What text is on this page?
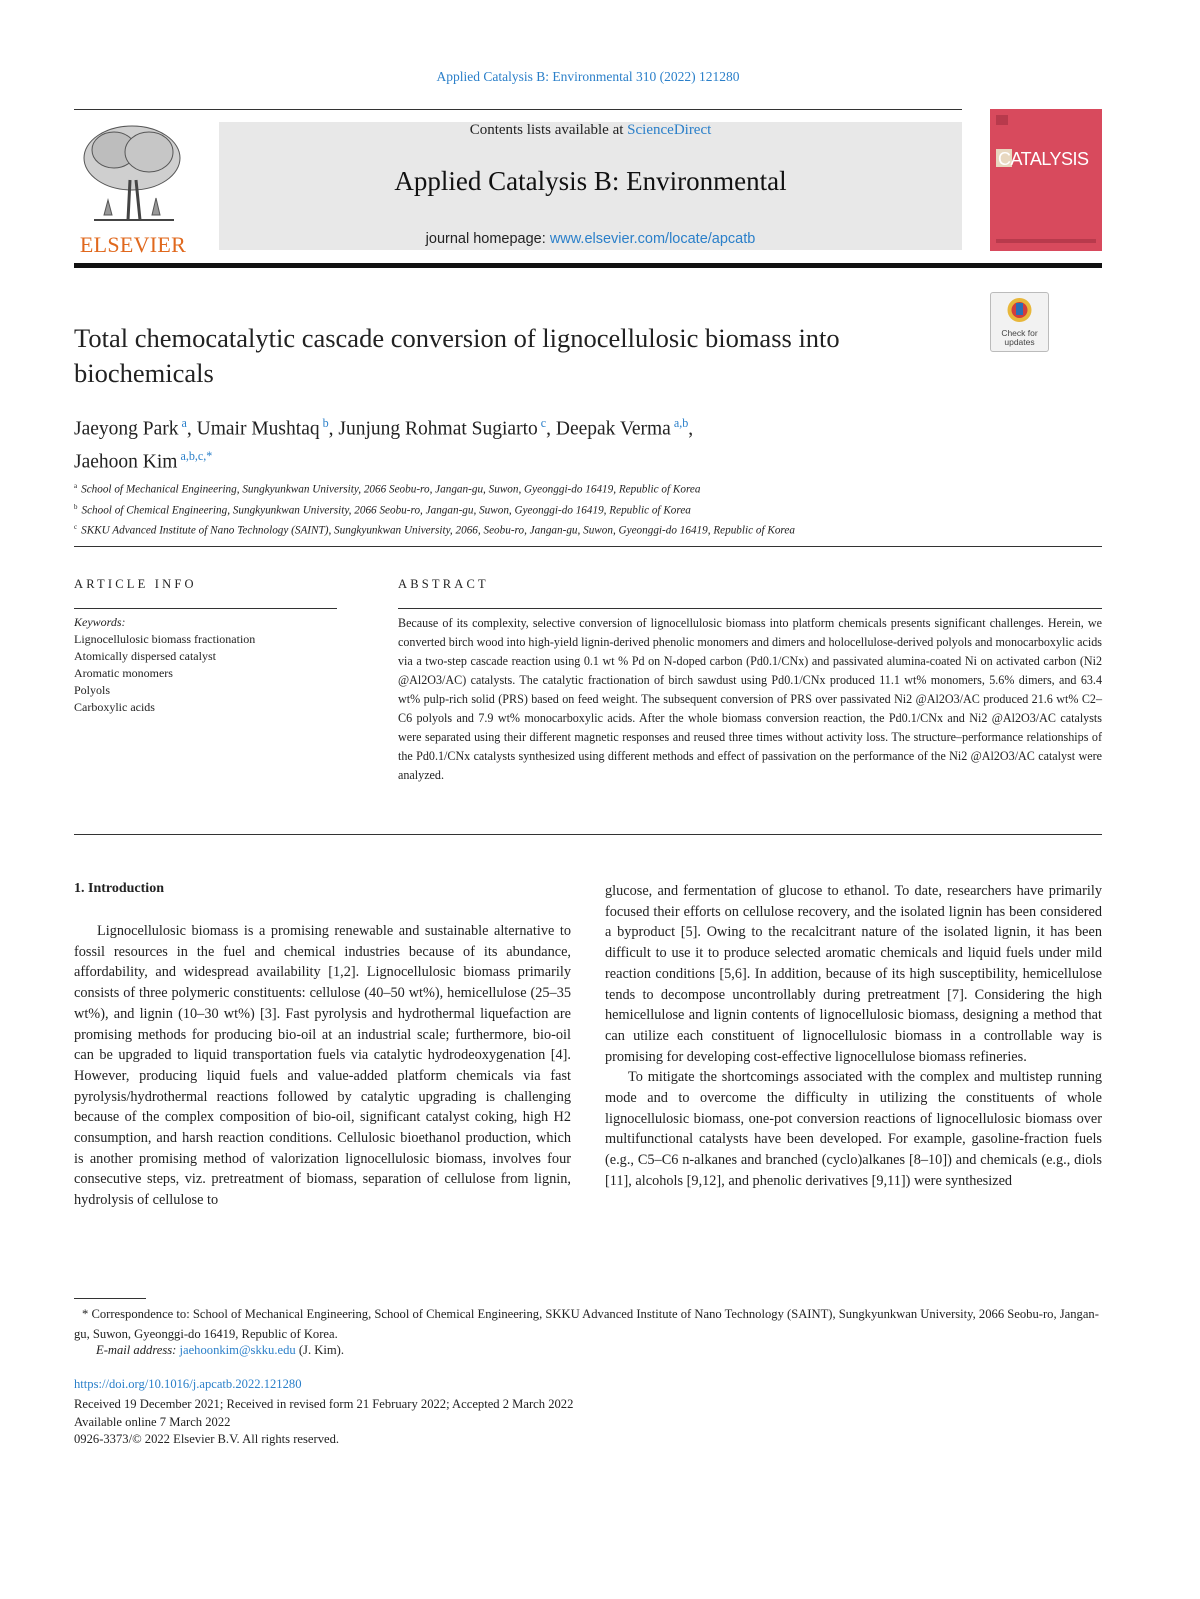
Applied Catalysis B: Environmental 310 (2022) 121280
ELSEVIER
Contents lists available at ScienceDirect
Applied Catalysis B: Environmental
journal homepage: www.elsevier.com/locate/apcatb
CATALYSIS
Check for
updates
Total chemocatalytic cascade conversion of lignocellulosic biomass into biochemicals
Jaeyong Park $^a$, Umair Mushtaq $^b$, Junjung Rohmat Sugiarto $^c$, Deepak Verma $^{a,b}$,
Jaehoon Kim $^{a,b,c,*}$
$^a$ School of Mechanical Engineering, Sungkyunkwan University, 2066 Seobu-ro, Jangan-gu, Suwon, Gyeonggi-do 16419, Republic of Korea
$^b$ School of Chemical Engineering, Sungkyunkwan University, 2066 Seobu-ro, Jangan-gu, Suwon, Gyeonggi-do 16419, Republic of Korea
$^c$ SKKU Advanced Institute of Nano Technology (SAINT), Sungkyunkwan University, 2066, Seobu-ro, Jangan-gu, Suwon, Gyeonggi-do 16419, Republic of Korea
ARTICLE INFO	ABSTRACT
Keywords:
Lignocellulosic biomass fractionation
Atomically dispersed catalyst
Aromatic monomers
Polyols
Carboxylic acids
Because of its complexity, selective conversion of lignocellulosic biomass into platform chemicals presents significant challenges. Herein, we converted birch wood into high-yield lignin-derived phenolic monomers and dimers and holocellulose-derived polyols and monocarboxylic acids via a two-step cascade reaction using 0.1 wt % Pd on N-doped carbon (Pd0.1/CNx) and passivated alumina-coated Ni on activated carbon (Ni2 @Al2O3/AC) catalysts. The catalytic fractionation of birch sawdust using Pd0.1/CNx produced 11.1 wt% monomers, 5.6% dimers, and 63.4 wt% pulp-rich solid (PRS) based on feed weight. The subsequent conversion of PRS over passivated Ni2 @Al2O3/AC produced 21.6 wt% C2–C6 polyols and 7.9 wt% monocarboxylic acids. After the whole biomass conversion reaction, the Pd0.1/CNx and Ni2 @Al2O3/AC catalysts were separated using their different magnetic responses and reused three times without activity loss. The structure–performance relationships of the Pd0.1/CNx catalysts synthesized using different methods and effect of passivation on the performance of the Ni2 @Al2O3/AC catalyst were analyzed.
1. Introduction

Lignocellulosic biomass is a promising renewable and sustainable alternative to fossil resources in the fuel and chemical industries because of its abundance, affordability, and widespread availability [1,2]. Lignocellulosic biomass primarily consists of three polymeric constituents: cellulose (40–50 wt%), hemicellulose (25–35 wt%), and lignin (10–30 wt%) [3]. Fast pyrolysis and hydrothermal liquefaction are promising methods for producing bio-oil at an industrial scale; furthermore, bio-oil can be upgraded to liquid transportation fuels via catalytic hydrodeoxygenation [4]. However, producing liquid fuels and value-added platform chemicals via fast pyrolysis/hydrothermal reactions followed by catalytic upgrading is challenging because of the complex composition of bio-oil, significant catalyst coking, high H2 consumption, and harsh reaction conditions. Cellulosic bioethanol production, which is another promising method of valorization lignocellulosic biomass, involves four consecutive steps, viz. pretreatment of biomass, separation of cellulose from lignin, hydrolysis of cellulose to

glucose, and fermentation of glucose to ethanol. To date, researchers have primarily focused their efforts on cellulose recovery, and the isolated lignin has been considered a byproduct [5]. Owing to the recalcitrant nature of the isolated lignin, it has been difficult to use it to produce selected aromatic chemicals and liquid fuels under mild reaction conditions [5,6]. In addition, because of its high susceptibility, hemicellulose tends to decompose uncontrollably during pretreatment [7]. Considering the high hemicellulose and lignin contents of lignocellulosic biomass, designing a method that can utilize each constituent of lignocellulosic biomass in a controllable way is promising for developing cost-effective lignocellulose biomass refineries.

To mitigate the shortcomings associated with the complex and multistep running mode and to overcome the difficulty in utilizing the constituents of whole lignocellulosic biomass, one-pot conversion reactions of lignocellulosic biomass over multifunctional catalysts have been developed. For example, gasoline-fraction fuels (e.g., C5–C6 n-alkanes and branched (cyclo)alkanes [8–10]) and chemicals (e.g., diols [11], alcohols [9,12], and phenolic derivatives [9,11]) were synthesized

* Correspondence to: School of Mechanical Engineering, School of Chemical Engineering, SKKU Advanced Institute of Nano Technology (SAINT), Sungkyunkwan University, 2066 Seobu-ro, Jangan-gu, Suwon, Gyeonggi-do 16419, Republic of Korea.
E-mail address: jaehoonkim@skku.edu (J. Kim).
https://doi.org/10.1016/j.apcatb.2022.121280
Received 19 December 2021; Received in revised form 21 February 2022; Accepted 2 March 2022
Available online 7 March 2022
0926-3373/© 2022 Elsevier B.V. All rights reserved.
